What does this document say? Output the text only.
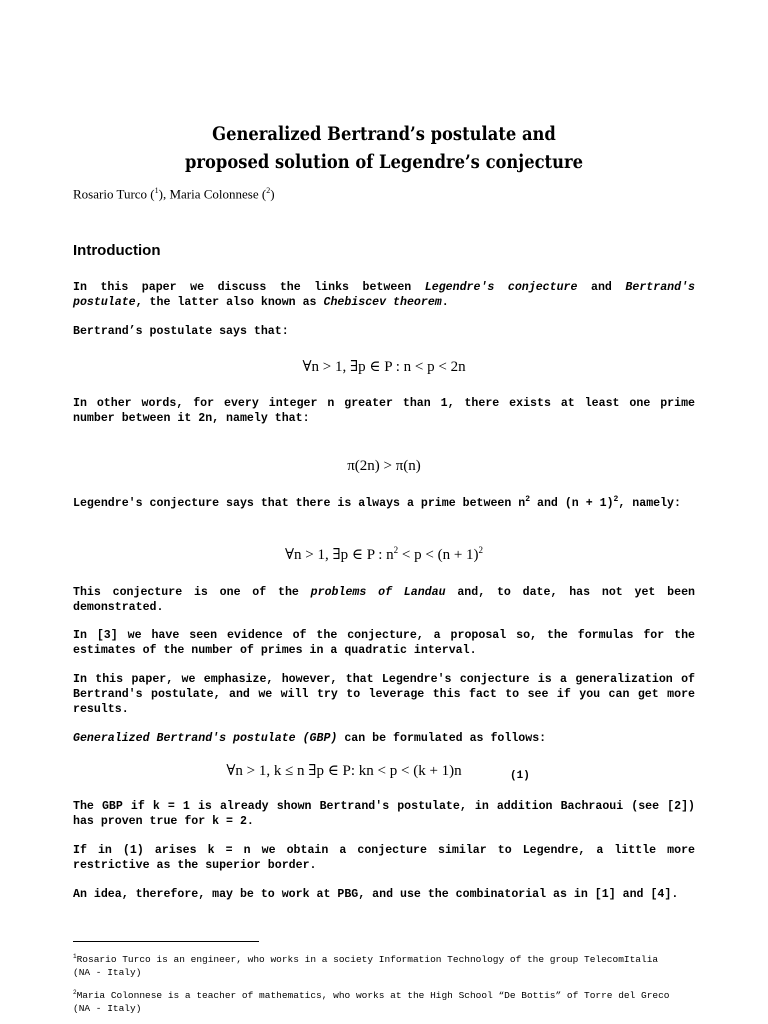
Generalized Bertrand’s postulate and
proposed solution of Legendre’s conjecture
Rosario Turco ($^1$), Maria Colonnese ($^2$)
Introduction
In this paper we discuss the links between Legendre's conjecture and Bertrand's postulate, the latter also known as Chebiscev theorem.
Bertrand’s postulate says that:
∀n > 1, ∃p ∈ P : n < p < 2n
In other words, for every integer n greater than 1, there exists at least one prime number between it 2n, namely that:
π(2n) > π(n)
Legendre's conjecture says that there is always a prime between $n^2$ and $(n + 1)^2$, namely:
∀n > 1, ∃p ∈ P : $n^2 < p < (n + 1)^2$
This conjecture is one of the problems of Landau and, to date, has not yet been demonstrated.
In [3] we have seen evidence of the conjecture, a proposal so, the formulas for the estimates of the number of primes in a quadratic interval.
In this paper, we emphasize, however, that Legendre's conjecture is a generalization of Bertrand's postulate, and we will try to leverage this fact to see if you can get more results.
Generalized Bertrand's postulate (GBP) can be formulated as follows:
∀n > 1, k ≤ n ∃p ∈ P: kn < p < (k + 1)n	(1)
The GBP if k = 1 is already shown Bertrand's postulate, in addition Bachraoui (see [2]) has proven true for k = 2.
If in (1) arises k = n we obtain a conjecture similar to Legendre, a little more restrictive as the superior border.
An idea, therefore, may be to work at PBG, and use the combinatorial as in [1] and [4].
$^1$Rosario Turco is an engineer, who works in a society Information Technology of the group TelecomItalia (NA - Italy)
$^2$Maria Colonnese is a teacher of mathematics, who works at the High School “De Bottis” of Torre del Greco (NA - Italy)
